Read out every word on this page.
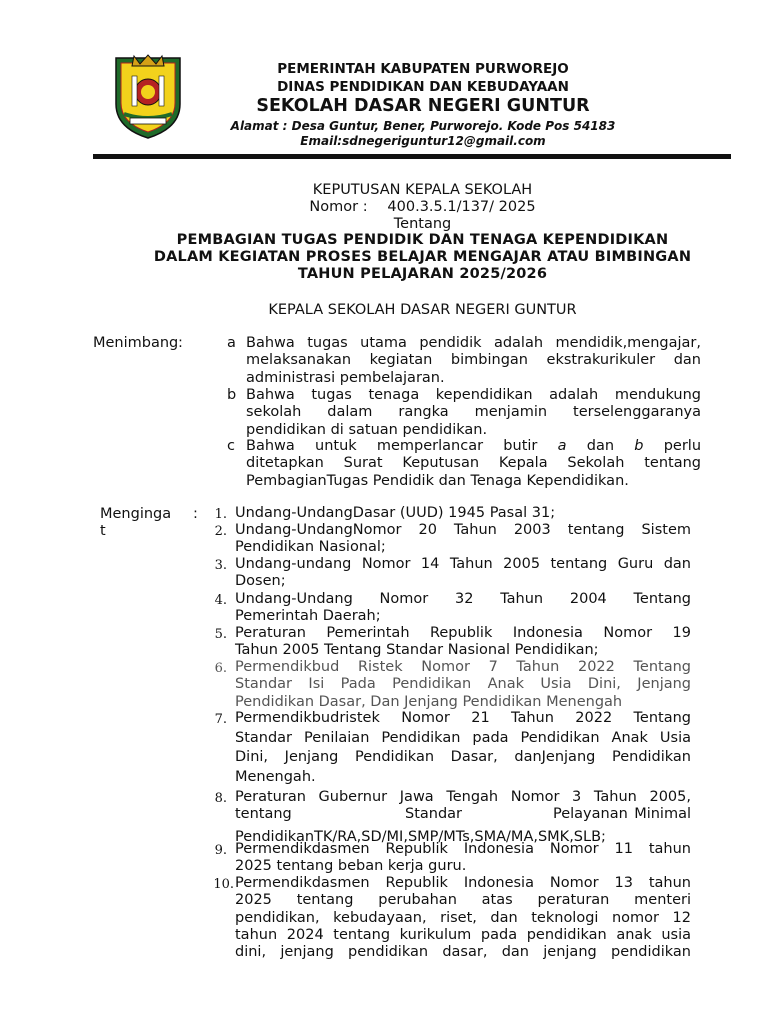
PEMERINTAH KABUPATEN PURWOREJO
DINAS PENDIDIKAN DAN KEBUDAYAAN
SEKOLAH DASAR NEGERI GUNTUR
Alamat : Desa Guntur, Bener, Purworejo. Kode Pos 54183
Email:sdnegeriguntur12@gmail.com
KEPUTUSAN KEPALA SEKOLAH
Nomor : 400.3.5.1/137/ 2025
Tentang
PEMBAGIAN TUGAS PENDIDIK DAN TENAGA KEPENDIDIKAN
DALAM KEGIATAN PROSES BELAJAR MENGAJAR ATAU BIMBINGAN
TAHUN PELAJARAN 2025/2026
KEPALA SEKOLAH DASAR NEGERI GUNTUR
Menimbang :	a Bahwa tugas utama pendidik adalah mendidik,mengajar,
melaksanakan kegiatan bimbingan ekstrakurikuler dan
administrasi pembelajaran.
b Bahwa tugas tenaga kependidikan adalah mendukung
sekolah dalam rangka menjamin terselenggaranya
pendidikan di satuan pendidikan.
c Bahwa untuk memperlancar butir a dan b perlu
ditetapkan Surat Keputusan Kepala Sekolah tentang
PembagianTugas Pendidik dan Tenaga Kependidikan.
Menginga
t
:	1. Undang-UndangDasar (UUD) 1945 Pasal 31;
2. Undang-UndangNomor 20 Tahun 2003 tentang Sistem
Pendidikan Nasional;
3. Undang-undang Nomor 14 Tahun 2005 tentang Guru dan
Dosen;
4. Undang-Undang Nomor 32 Tahun 2004 Tentang
Pemerintah Daerah;
5. Peraturan Pemerintah Republik Indonesia Nomor 19
Tahun 2005 Tentang Standar Nasional Pendidikan;
6. Permendikbud Ristek Nomor 7 Tahun 2022 Tentang
Standar Isi Pada Pendidikan Anak Usia Dini, Jenjang
Pendidikan Dasar, Dan Jenjang Pendidikan Menengah
7. Permendikbudristek Nomor 21 Tahun 2022 Tentang
Standar Penilaian Pendidikan pada Pendidikan Anak Usia
Dini, Jenjang Pendidikan Dasar, danJenjang Pendidikan
Menengah.
8. Peraturan Gubernur Jawa Tengah Nomor 3 Tahun 2005,
tentang	Standar	Pelayanan Minimal
PendidikanTK/RA,SD/MI,SMP/MTs,SMA/MA,SMK,SLB;
9. Permendikdasmen Republik Indonesia Nomor 11 tahun
2025 tentang beban kerja guru.
10. Permendikdasmen Republik Indonesia Nomor 13 tahun
2025 tentang perubahan atas peraturan menteri
pendidikan, kebudayaan, riset, dan teknologi nomor 12
tahun 2024 tentang kurikulum pada pendidikan anak usia
dini, jenjang pendidikan dasar, dan jenjang pendidikan
